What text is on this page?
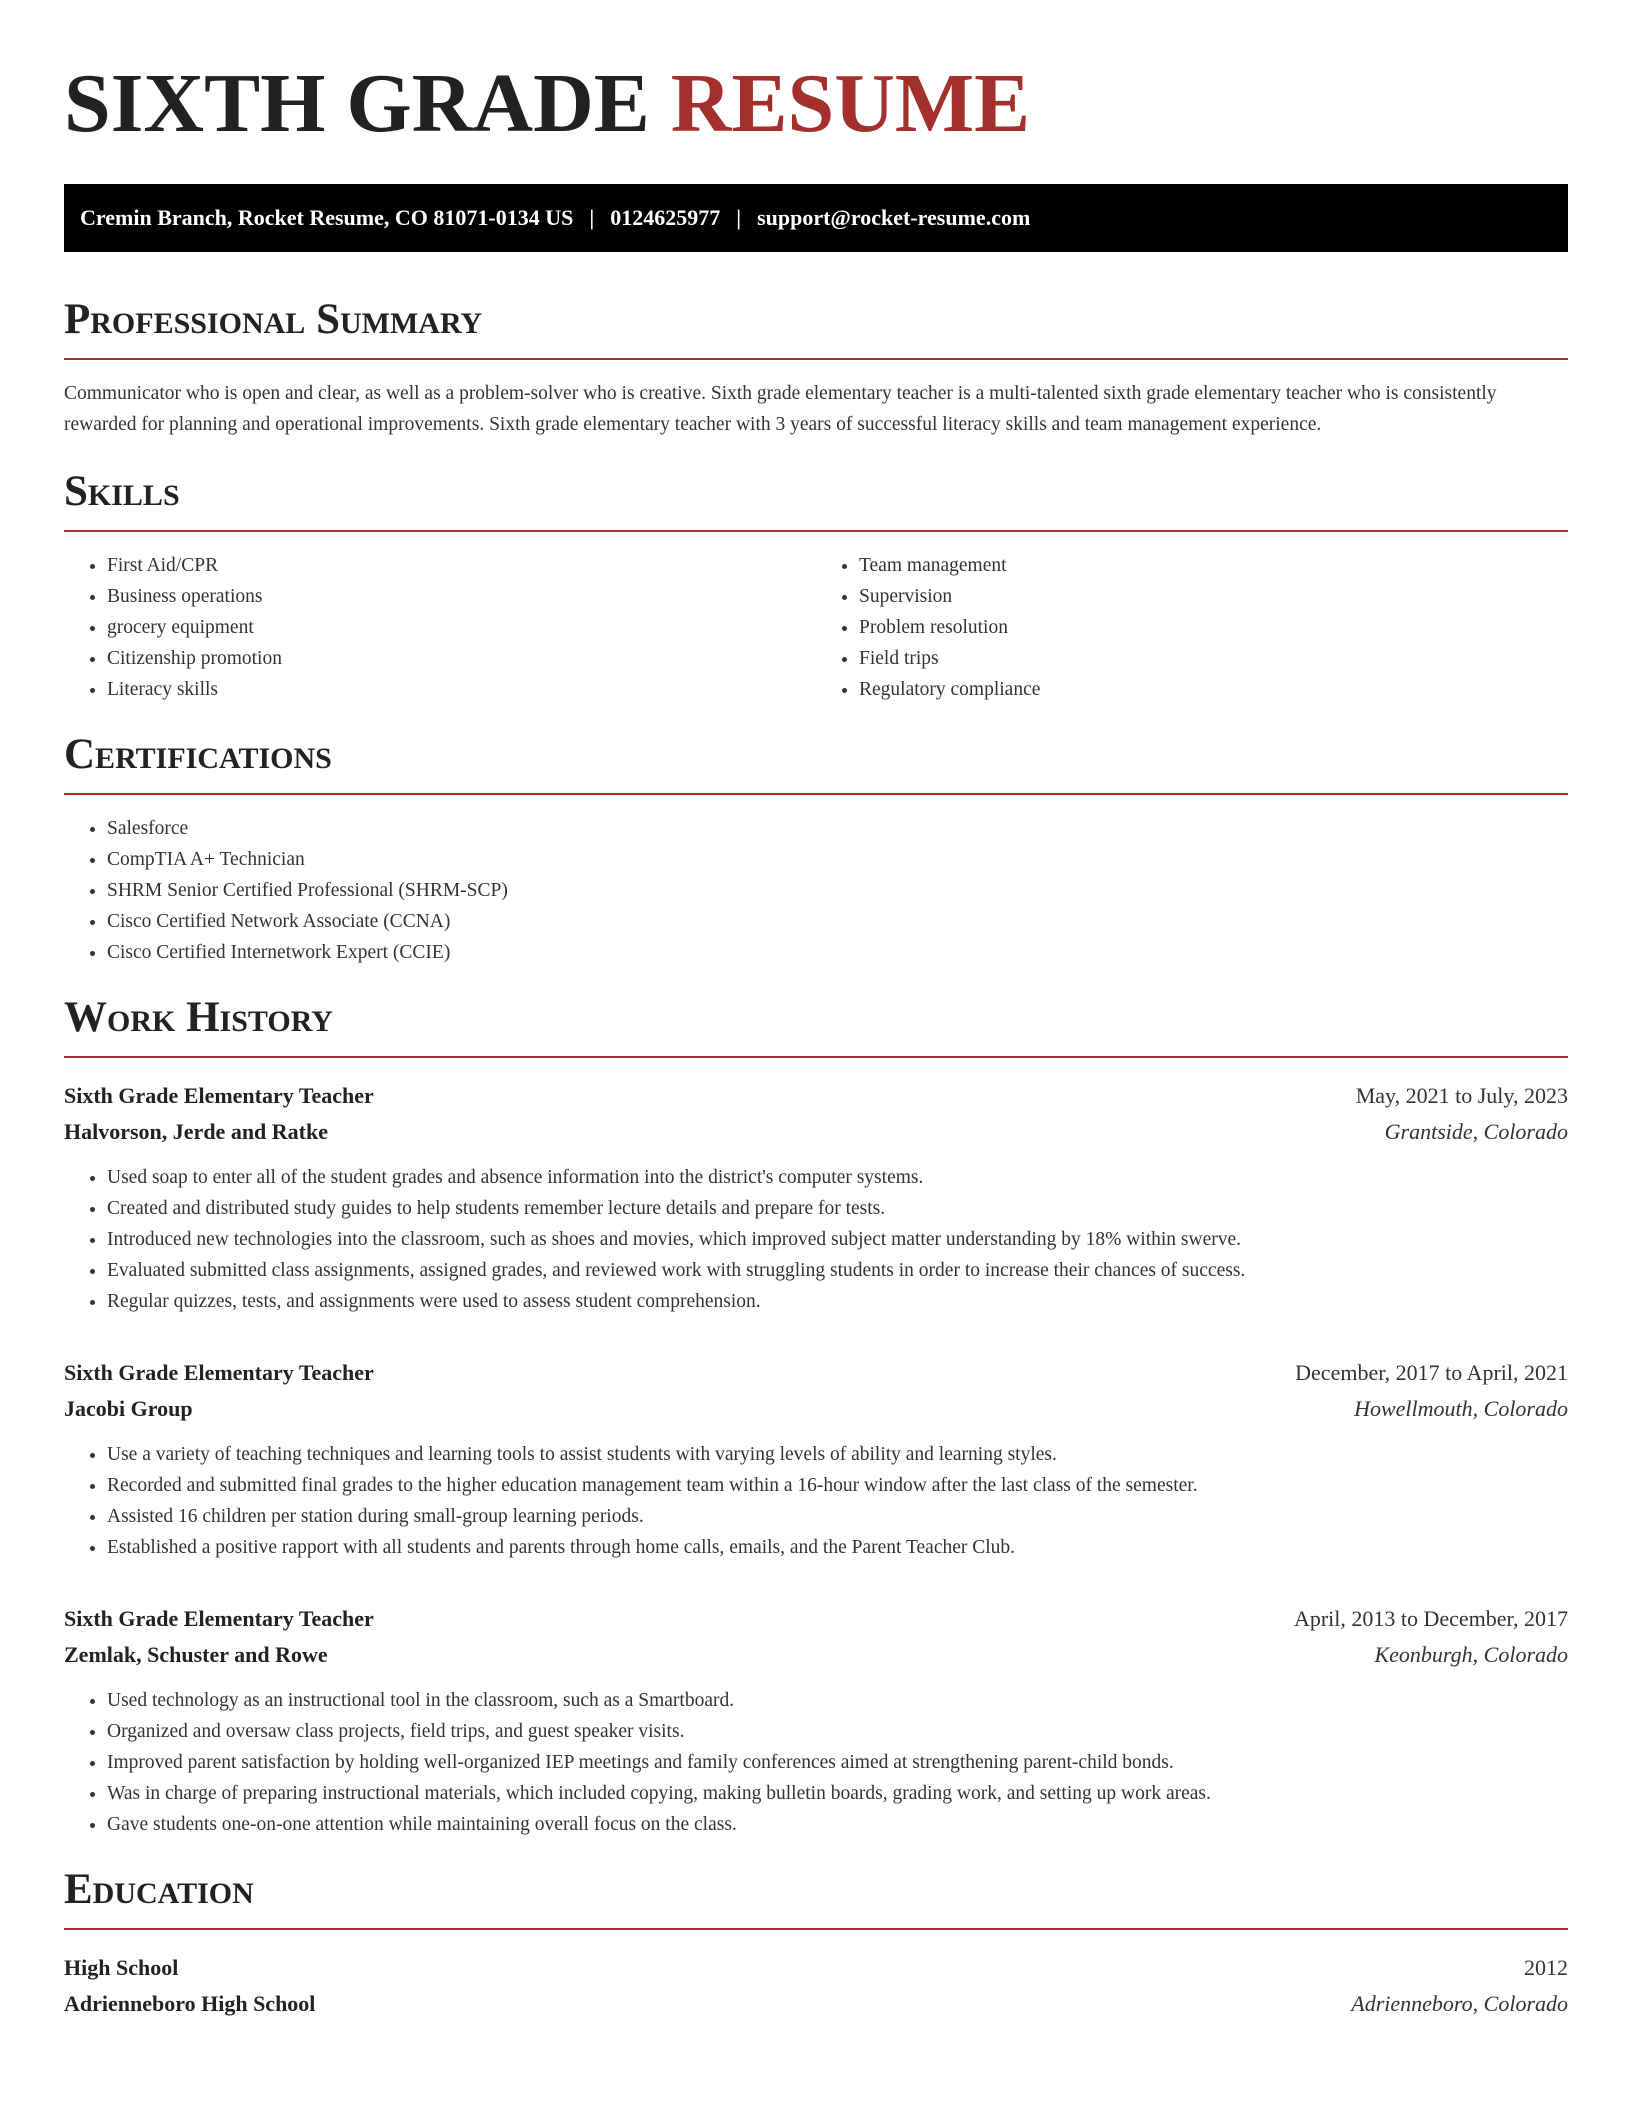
SIXTH GRADE RESUME
Cremin Branch, Rocket Resume, CO 81071-0134 US | 0124625977 | support@rocket-resume.com
Professional Summary

Communicator who is open and clear, as well as a problem-solver who is creative. Sixth grade elementary teacher is a multi-talented sixth grade elementary teacher who is consistently rewarded for planning and operational improvements. Sixth grade elementary teacher with 3 years of successful literacy skills and team management experience.

Skills
• First Aid/CPR
• Business operations
• grocery equipment
• Citizenship promotion
• Literacy skills
• Team management
• Supervision
• Problem resolution
• Field trips
• Regulatory compliance
Certifications
• Salesforce
• CompTIA A+ Technician
• SHRM Senior Certified Professional (SHRM-SCP)
• Cisco Certified Network Associate (CCNA)
• Cisco Certified Internetwork Expert (CCIE)
Work History
Sixth Grade Elementary Teacher	May, 2021 to July, 2023
Halvorson, Jerde and Ratke	Grantside, Colorado
• Used soap to enter all of the student grades and absence information into the district's computer systems.
• Created and distributed study guides to help students remember lecture details and prepare for tests.
• Introduced new technologies into the classroom, such as shoes and movies, which improved subject matter understanding by 18% within swerve.
• Evaluated submitted class assignments, assigned grades, and reviewed work with struggling students in order to increase their chances of success.
• Regular quizzes, tests, and assignments were used to assess student comprehension.
Sixth Grade Elementary Teacher	December, 2017 to April, 2021
Jacobi Group	Howellmouth, Colorado
• Use a variety of teaching techniques and learning tools to assist students with varying levels of ability and learning styles.
• Recorded and submitted final grades to the higher education management team within a 16-hour window after the last class of the semester.
• Assisted 16 children per station during small-group learning periods.
• Established a positive rapport with all students and parents through home calls, emails, and the Parent Teacher Club.
Sixth Grade Elementary Teacher	April, 2013 to December, 2017
Zemlak, Schuster and Rowe	Keonburgh, Colorado
• Used technology as an instructional tool in the classroom, such as a Smartboard.
• Organized and oversaw class projects, field trips, and guest speaker visits.
• Improved parent satisfaction by holding well-organized IEP meetings and family conferences aimed at strengthening parent-child bonds.
• Was in charge of preparing instructional materials, which included copying, making bulletin boards, grading work, and setting up work areas.
• Gave students one-on-one attention while maintaining overall focus on the class.
Education
High School	2012
Adrienneboro High School	Adrienneboro, Colorado
